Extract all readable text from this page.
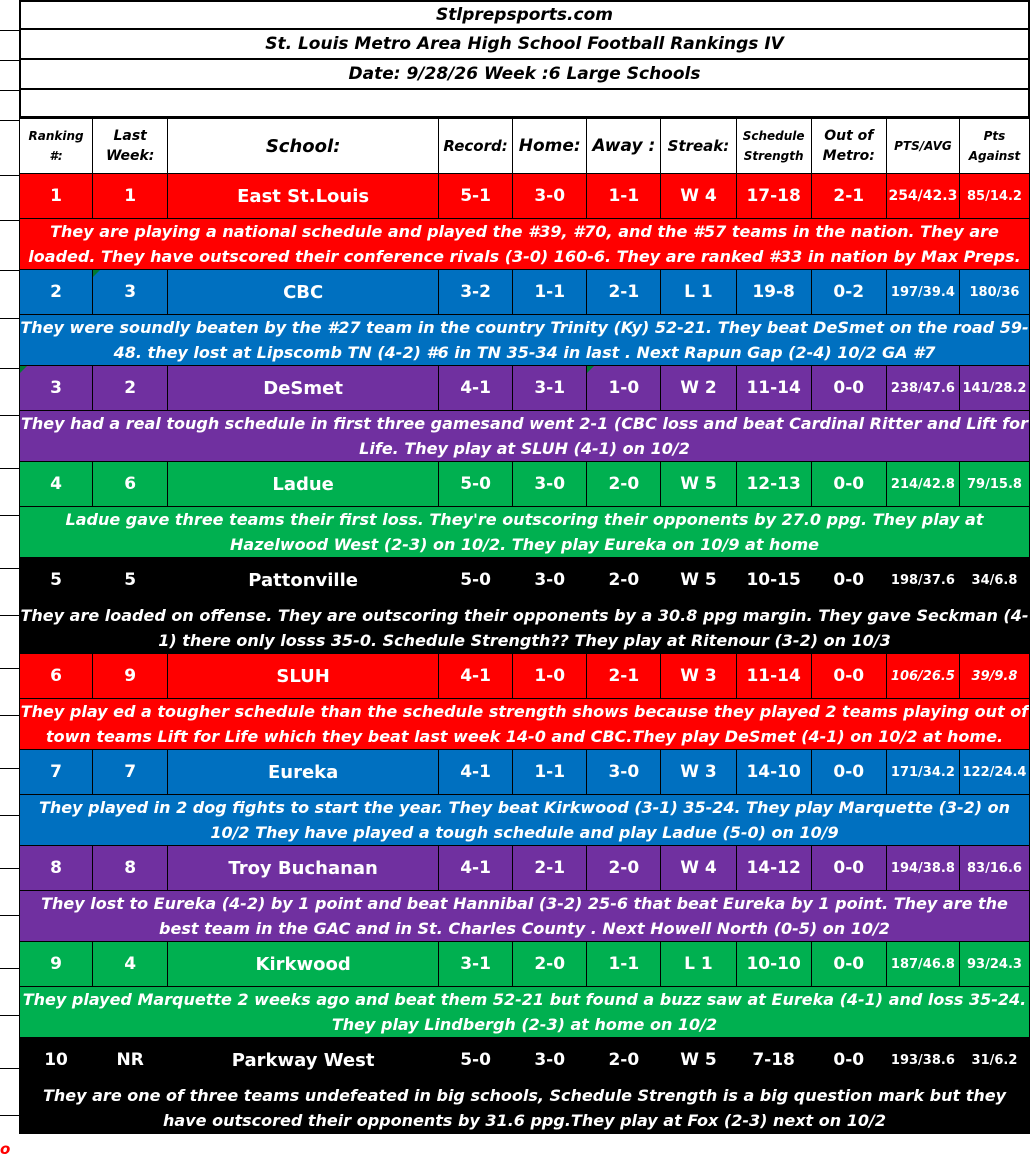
o
Stlprepsports.com
St. Louis Metro Area High School Football Rankings IV
Date: 9/28/26 Week :6 Large Schools
Ranking #:	Last Week:	School:	Record:	Home:	Away :	Streak:	Schedule Strength	Out of Metro:	PTS/AVG	Pts Against
1	1	East St.Louis	5-1	3-0	1-1	W 4	17-18	2-1	254/42.3	85/14.2
They are playing a national schedule and played the #39, #70, and the #57 teams in the nation. They are loaded. They have outscored their conference rivals (3-0) 160-6. They are ranked #33 in nation by Max Preps.										
2	3	CBC	3-2	1-1	2-1	L 1	19-8	0-2	197/39.4	180/36
They were soundly beaten by the #27 team in the country Trinity (Ky) 52-21. They beat DeSmet on the road 59-48. they lost at Lipscomb TN (4-2) #6 in TN 35-34 in last . Next Rapun Gap (2-4) 10/2 GA #7										
3	2	DeSmet	4-1	3-1	1-0	W 2	11-14	0-0	238/47.6	141/28.2
They had a real tough schedule in first three gamesand went 2-1 (CBC loss and beat Cardinal Ritter and Lift for Life. They play at SLUH (4-1) on 10/2										
4	6	Ladue	5-0	3-0	2-0	W 5	12-13	0-0	214/42.8	79/15.8
Ladue gave three teams their first loss. They're outscoring their opponents by 27.0 ppg. They play at Hazelwood West (2-3) on 10/2. They play Eureka on 10/9 at home										
5	5	Pattonville	5-0	3-0	2-0	W 5	10-15	0-0	198/37.6	34/6.8
They are loaded on offense. They are outscoring their opponents by a 30.8 ppg margin. They gave Seckman (4-1) there only losss 35-0. Schedule Strength?? They play at Ritenour (3-2) on 10/3										
6	9	SLUH	4-1	1-0	2-1	W 3	11-14	0-0	106/26.5	39/9.8
They play ed a tougher schedule than the schedule strength shows because they played 2 teams playing out of town teams Lift for Life which they beat last week 14-0 and CBC.They play DeSmet (4-1) on 10/2 at home.										
7	7	Eureka	4-1	1-1	3-0	W 3	14-10	0-0	171/34.2	122/24.4
They played in 2 dog fights to start the year. They beat Kirkwood (3-1) 35-24. They play Marquette (3-2) on 10/2 They have played a tough schedule and play Ladue (5-0) on 10/9										
8	8	Troy Buchanan	4-1	2-1	2-0	W 4	14-12	0-0	194/38.8	83/16.6
They lost to Eureka (4-2) by 1 point and beat Hannibal (3-2) 25-6 that beat Eureka by 1 point. They are the best team in the GAC and in St. Charles County . Next Howell North (0-5) on 10/2										
9	4	Kirkwood	3-1	2-0	1-1	L 1	10-10	0-0	187/46.8	93/24.3
They played Marquette 2 weeks ago and beat them 52-21 but found a buzz saw at Eureka (4-1) and loss 35-24. They play Lindbergh (2-3) at home on 10/2										
10	NR	Parkway West	5-0	3-0	2-0	W 5	7-18	0-0	193/38.6	31/6.2
They are one of three teams undefeated in big schools, Schedule Strength is a big question mark but they have outscored their opponents by 31.6 ppg.They play at Fox (2-3) next on 10/2										
